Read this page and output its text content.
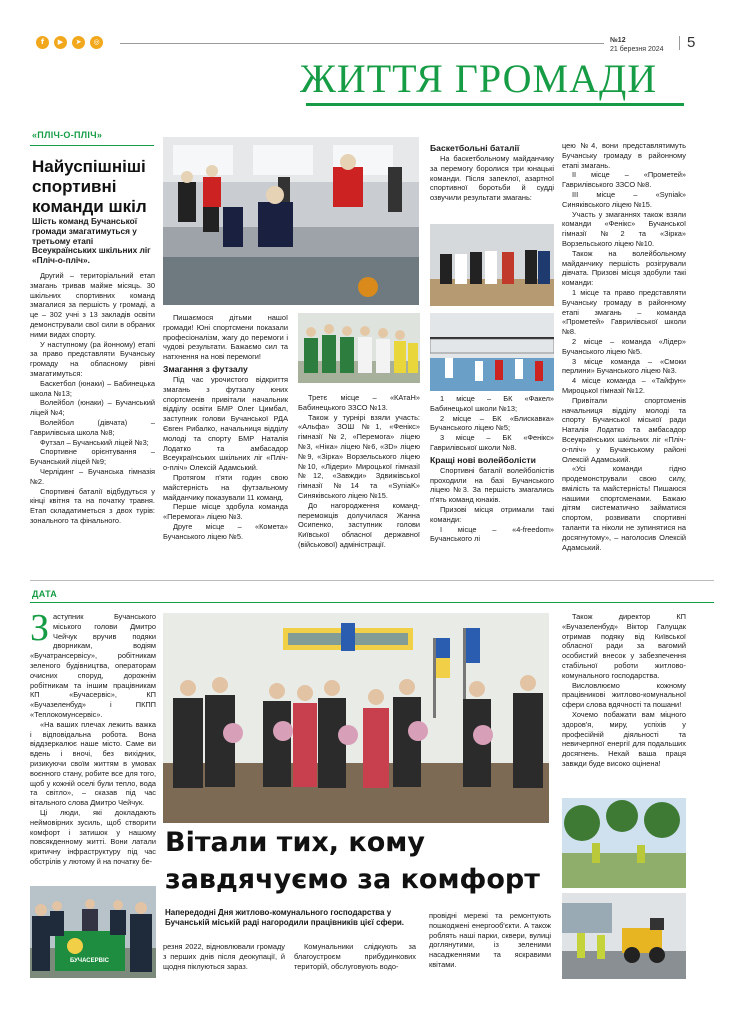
f	▶	➤	◎	№12
21 березня 2024 5
ЖИТТЯ ГРОМАДИ
«ПЛІЧ-О-ПЛІЧ»
Найуспішніші спортивні команди шкіл
Шість команд Бучанської громади змагатимуться у третьому етапі Всеукраїнських шкільних ліг «Пліч-о-пліч».

Другий – територіальний етап змагань тривав майже місяць. 30 шкільних спортивних команд змагалися за першість у громаді, а це – 302 учні з 13 закладів освіти демонстрували свої сили в обраних ними видах спорту.

У наступному (ра йонному) етапі за право представляти Бучанську громаду на обласному рівні змагатимуться:

Баскетбол (юнаки) – Бабинецька школа №13;

Волейбол (юнаки) – Бучанський ліцей №4;

Волейбол (дівчата) – Гаврилівська школа №8;

Футзал – Бучанський ліцей №3;

Спортивне орієнтування – Бучанський ліцей №9;

Черлідинг – Бучанська гімназія №2.

Спортивні баталії відбудуться у кінці квітня та на початку травня. Етап складатиметься з двох турів: зонального та фінального.

Пишаємося дітьми нашої громади! Юні спортсмени показали професіоналізм, жагу до перемоги і чудові результати. Бажаємо сил та натхнення на нові перемоги!

Змагання з футзалу

Під час урочистого відкриття змагань з футзалу юних спортсменів привітали начальник відділу освіти БМР Олег Цимбал, заступник голови Бучанської РДА Євген Рибалко, начальниця відділу молоді та спорту БМР Наталія Лодатко та амбасадор Всеукраїнських шкільних ліг «Пліч-о-пліч» Олексій Адамський.

Протягом п'яти годин свою майстерність на футзальному майданчику показували 11 команд.

Перше місце здобула команда «Перемога» ліцею №3.

Друге місце – «Комета» Бучанського ліцею №5.

Третє місце – «КАтаН» Бабинецького ЗЗСО №13.

Також у турнірі взяли участь: «Альфа» ЗОШ №1, «Фенікс» гімназії №2, «Перемога» ліцею №3, «Ніка» ліцею №6, «3D» ліцею №9, «Зірка» Ворзельського ліцею №10, «Лідери» Мироцької гімназії №12, «Завжди» Здвижівської гімназії №14 та «SyniaK» Синяківського ліцею №15.

До нагородження команд-переможців долучилася Жанна Осипенко, заступник голови Київської обласної державної (військової) адміністрації.

Баскетбольні баталії

На баскетбольному майданчику за перемогу боролися три юнацькі команди. Після запеклої, азартної спортивної боротьби й судді озвучили результати змагань:

1 місце – БК «Факел» Бабинецької школи №13;

2 місце – БК «Блискавка» Бучанського ліцею №5;

3 місце – БК «Фенікс» Гаврилівської школи №8.

Кращі нові волейболісти

Спортивні баталії волейболістів проходили на базі Бучанського ліцею №3. За першість змагались п'ять команд юнаків.

Призові місця отримали такі команди:

І місце – «4-freedom» Бучанського лі

цею №4, вони представлятимуть Бучанську громаду в районному етапі змагань.

ІІ місце – «Прометей» Гаврилівського ЗЗСО №8.

ІІІ місце – «Syniak» Синяківського ліцею №15.

Участь у змаганнях також взяли команди «Фенікс» Бучанської гімназії №2 та «Зірка» Ворзельського ліцею №10.

Також на волейбольному майданчику першість розігрували дівчата. Призові місця здобули такі команди:

1 місце та право представляти Бучанську громаду в районному етапі змагань – команда «Прометей» Гаврилівської школи №8.

2 місце – команда «Лідер» Бучанського ліцею №5.

3 місце команда – «Смоки перлини» Бучанського ліцею №3.

4 місце команда – «Тайфун» Мироцької гімназії №12.

Привітали спортсменів начальниця відділу молоді та спорту Бучанської міської ради Наталія Лодатко та амбасадор Всеукраїнських шкільних ліг «Пліч-о-пліч» у Бучанському районі Олексій Адамський.

«Усі команди гідно продемонстрували свою силу, вмілість та майстерність! Пишаюся нашими спортсменами. Бажаю дітям систематично займатися спортом, розвивати спортивні таланти та ніколи не зупинятися на досягнутому», – наголосив Олексій Адамський.

ДАТА

Заступник Бучанського міського голови Дмитро Чейчук вручив подяки дворникам, водіям «Бучатрансервісу», робітникам зеленого будівництва, операторам очисних споруд, дорожнім робітникам та іншим працівникам КП «Бучасервіс», КП «Бучазеленбуд» і ПКПП «Теплокомунсервіс».

«На ваших плечах лежить важка і відповідальна робота. Вона віддзеркалює наше місто. Саме ви вдень і вночі, без вихідних, ризикуючи своїм життям в умовах воєнного стану, робите все для того, щоб у кожній оселі були тепло, вода та світло», – сказав під час вітального слова Дмитро Чейчук.

Ці люди, які докладають неймовірних зусиль, щоб створити комфорт і затишок у нашому повсякденному житті. Вони латали критичну інфраструктуру під час обстрілів у лютому й на початку бе-

Вітали тих, кому
завдячуємо за комфорт
Напередодні Дня житлово-комунального господарства у Бучанській міській раді нагородили працівників цієї сфери.

резня 2022, відновлювали громаду з перших днів після деокупації, й щодня піклуються зараз.

Комунальники слідкують за благоустроєм прибудинкових територій, обслуговують водо-

провідні мережі та ремонтують пошкоджені енергооб'єкти. А також роблять наші парки, сквери, вулиці доглянутими, із зеленими насадженнями та яскравими квітами.

БУЧАСЕРВІС

Також директор КП «Бучазеленбуд» Віктор Галущак отримав подяку від Київської обласної ради за вагомий особистий внесок у забезпечення стабільної роботи житлово-комунального господарства.

Висловлюємо кожному працівникові житлово-комунальної сфери слова вдячності та пошани!

Хочемо побажати вам міцного здоров'я, миру, успіхів у професійній діяльності та невичерпної енергії для подальших досягнень. Нехай ваша праця завжди буде високо оцінена!
